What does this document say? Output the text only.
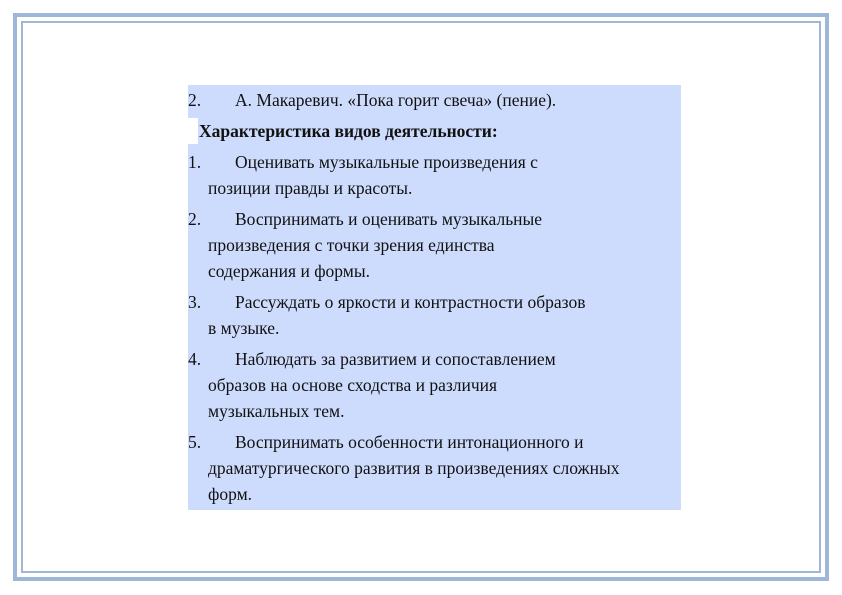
2.	А. Макаревич. «Пока горит свеча» (пение).
Характеристика видов деятельности:
1.	Оценивать музыкальные произведения с
позиции правды и красоты.
2.	Воспринимать и оценивать музыкальные
произведения с точки зрения единства содержания и формы.
3.	Рассуждать о яркости и контрастности образов
в музыке.
4.	Наблюдать за развитием и сопоставлением
образов на основе сходства и различия музыкальных тем.
5.	Воспринимать особенности интонационного и
драматургического развития в произведениях сложных форм.
